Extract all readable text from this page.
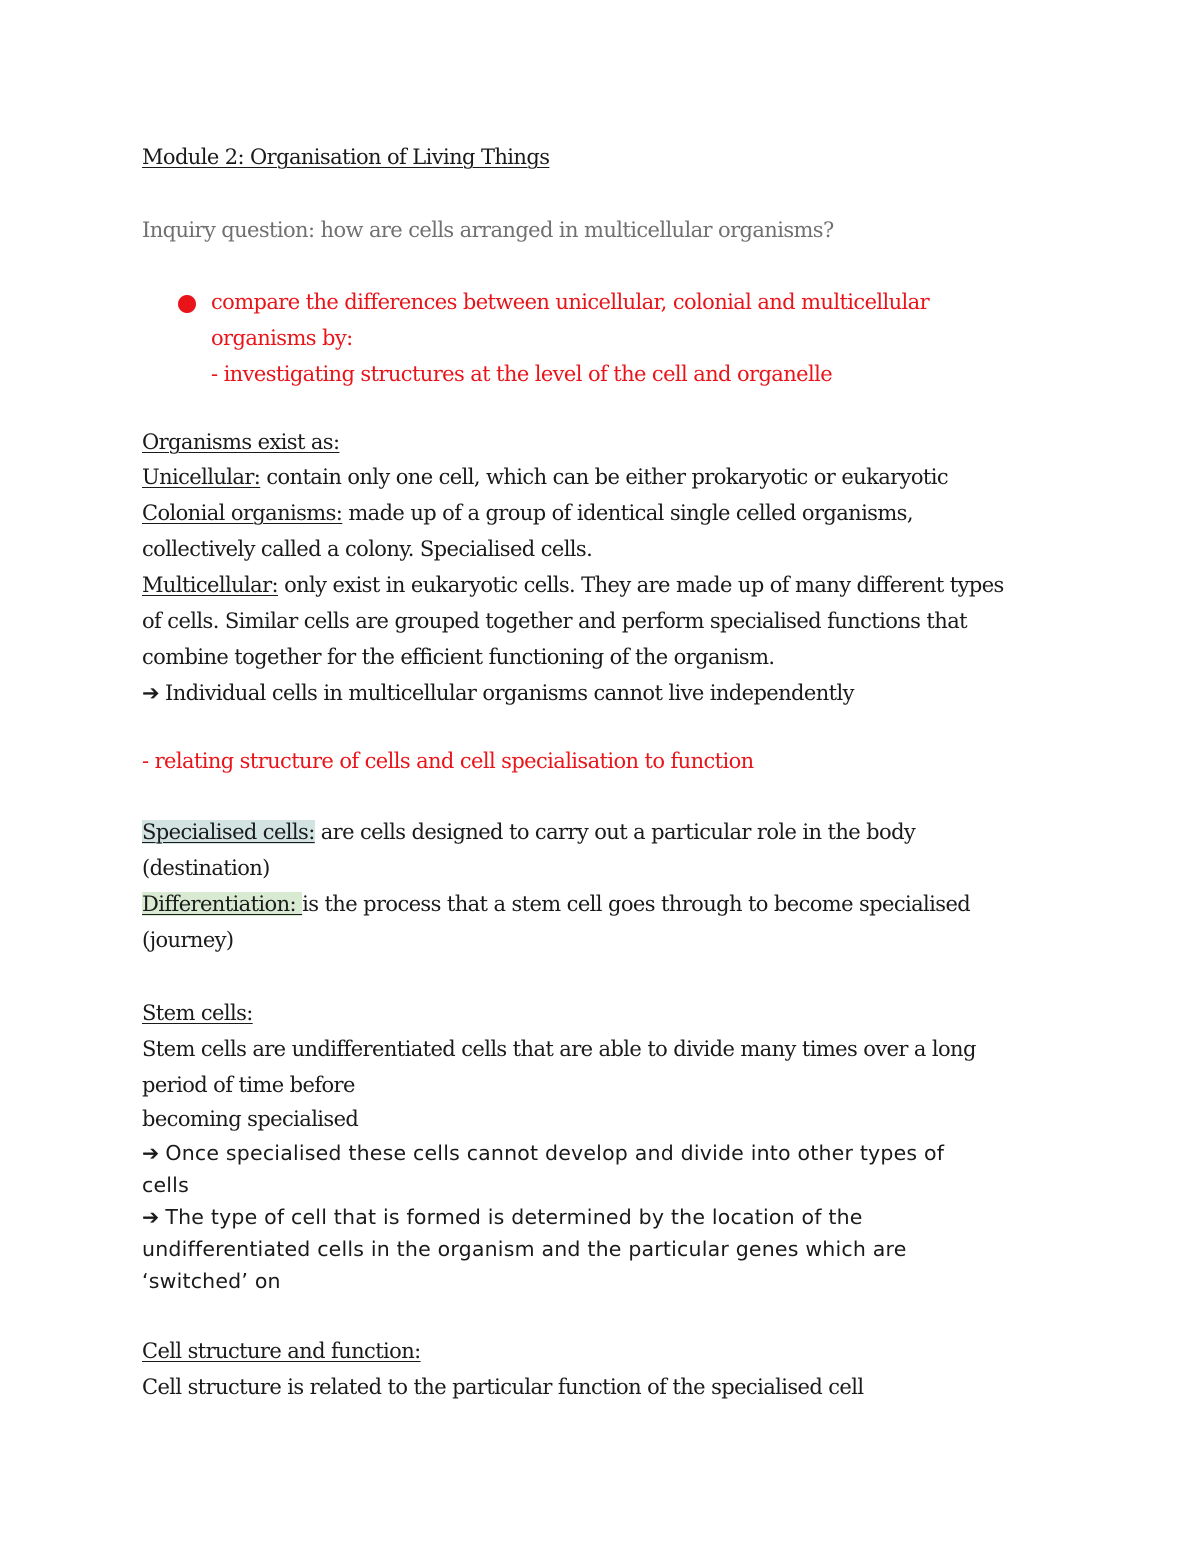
Module 2: Organisation of Living Things
Inquiry question: how are cells arranged in multicellular organisms?
compare the differences between unicellular, colonial and multicellular
organisms by:
- investigating structures at the level of the cell and organelle
Organisms exist as:
Unicellular: contain only one cell, which can be either prokaryotic or eukaryotic
Colonial organisms: made up of a group of identical single celled organisms,
collectively called a colony. Specialised cells.
Multicellular: only exist in eukaryotic cells. They are made up of many different types
of cells. Similar cells are grouped together and perform specialised functions that
combine together for the efficient functioning of the organism.
➔ Individual cells in multicellular organisms cannot live independently
- relating structure of cells and cell specialisation to function
Specialised cells: are cells designed to carry out a particular role in the body
(destination)
Differentiation: is the process that a stem cell goes through to become specialised
(journey)
Stem cells:
Stem cells are undifferentiated cells that are able to divide many times over a long
period of time before
becoming specialised
➔ Once specialised these cells cannot develop and divide into other types of
cells
➔ The type of cell that is formed is determined by the location of the
undifferentiated cells in the organism and the particular genes which are
‘switched’ on
Cell structure and function:
Cell structure is related to the particular function of the specialised cell
